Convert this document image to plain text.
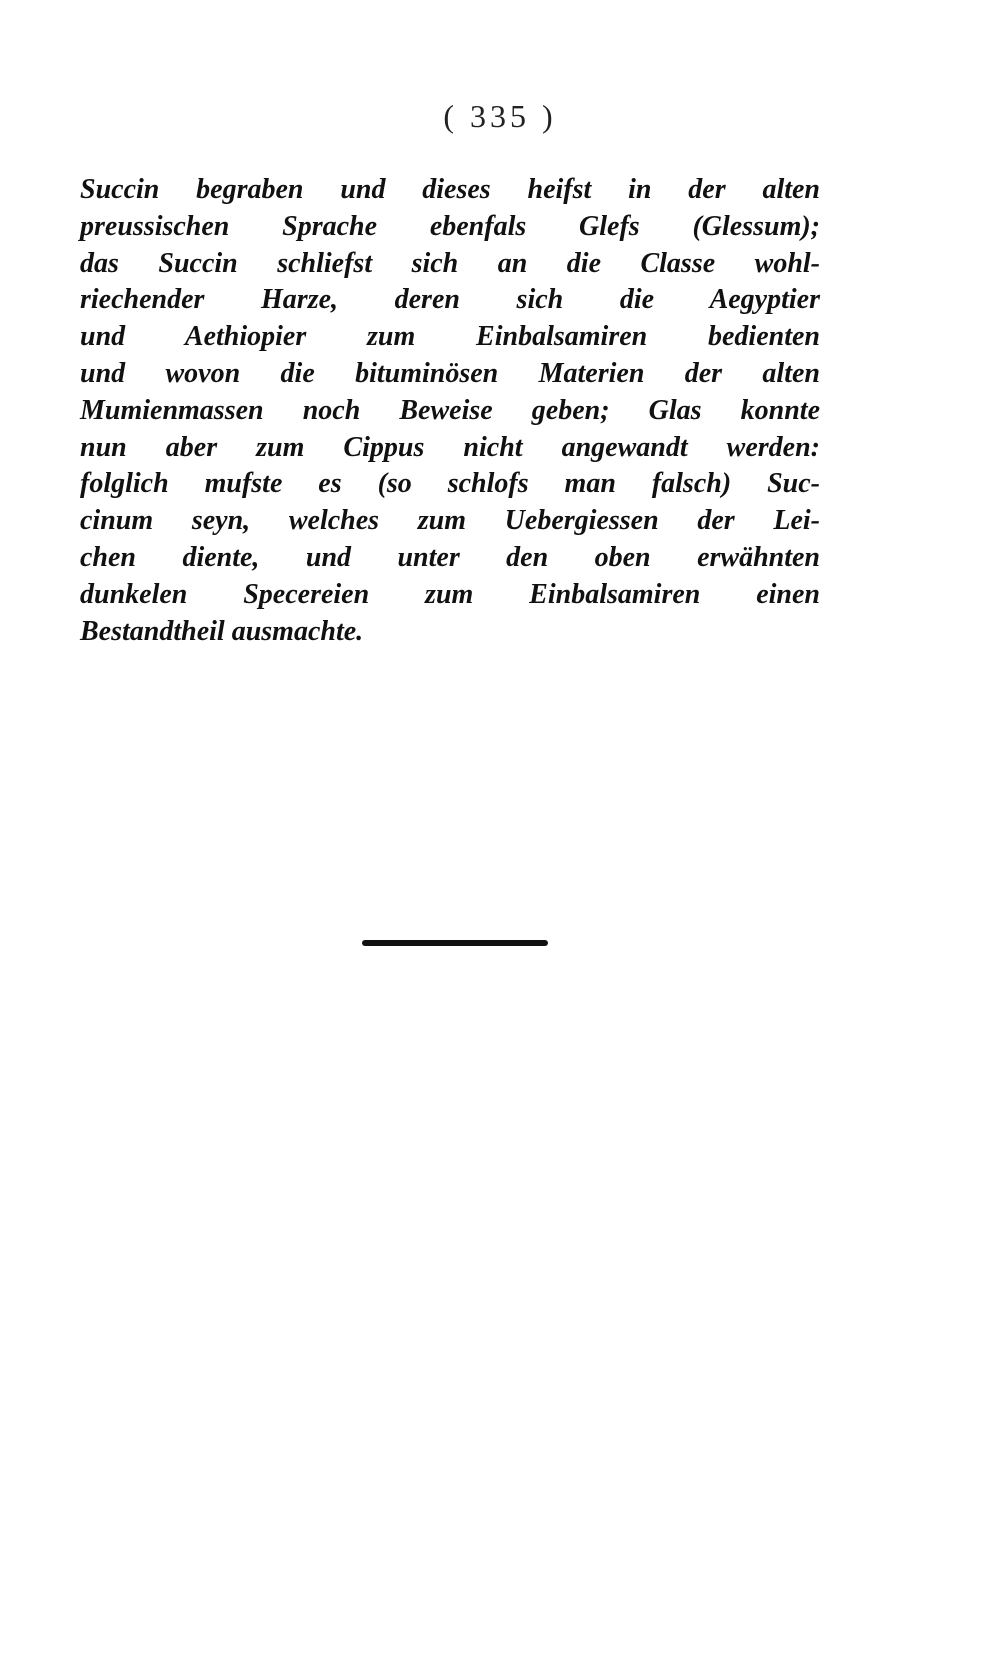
( 335 )
Succin begraben und dieses heifst in der alten
preussischen Sprache ebenfals Glefs (Glessum);
das Succin schliefst sich an die Classe wohl-
riechender Harze, deren sich die Aegyptier
und Aethiopier zum Einbalsamiren bedienten
und wovon die bituminösen Materien der alten
Mumienmassen noch Beweise geben; Glas konnte
nun aber zum Cippus nicht angewandt werden:
folglich mufste es (so schlofs man falsch) Suc-
cinum seyn, welches zum Uebergiessen der Lei-
chen diente, und unter den oben erwähnten
dunkelen Specereien zum Einbalsamiren einen
Bestandtheil ausmachte.
